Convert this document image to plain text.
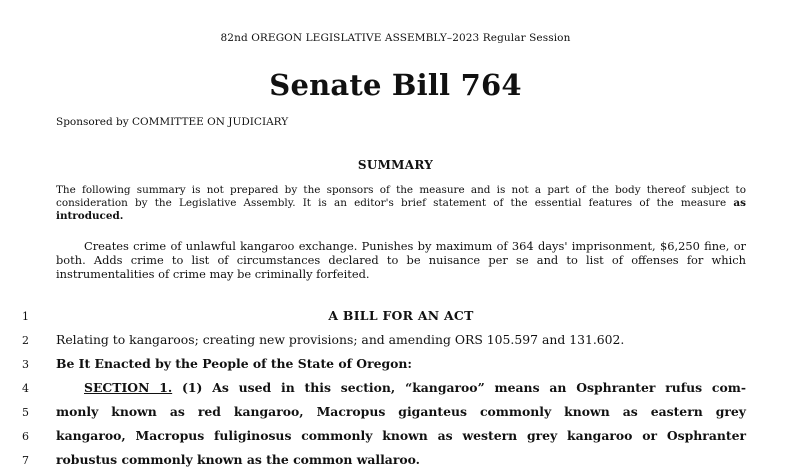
82nd OREGON LEGISLATIVE ASSEMBLY–2023 Regular Session
Senate Bill 764
Sponsored by COMMITTEE ON JUDICIARY
SUMMARY
The following summary is not prepared by the sponsors of the measure and is not a part of the body thereof subject to consideration by the Legislative Assembly. It is an editor's brief statement of the essential features of the measure as introduced.
Creates crime of unlawful kangaroo exchange. Punishes by maximum of 364 days' imprisonment, $6,250 fine, or both. Adds crime to list of circumstances declared to be nuisance per se and to list of offenses for which instrumentalities of crime may be criminally forfeited.
1	A BILL FOR AN ACT
2	Relating to kangaroos; creating new provisions; and amending ORS 105.597 and 131.602.
3	Be It Enacted by the People of the State of Oregon:
4	SECTION 1. (1) As used in this section, “kangaroo” means an Osphranter rufus com-
5	monly known as red kangaroo, Macropus giganteus commonly known as eastern grey
6	kangaroo, Macropus fuliginosus commonly known as western grey kangaroo or Osphranter
7	robustus commonly known as the common wallaroo.
